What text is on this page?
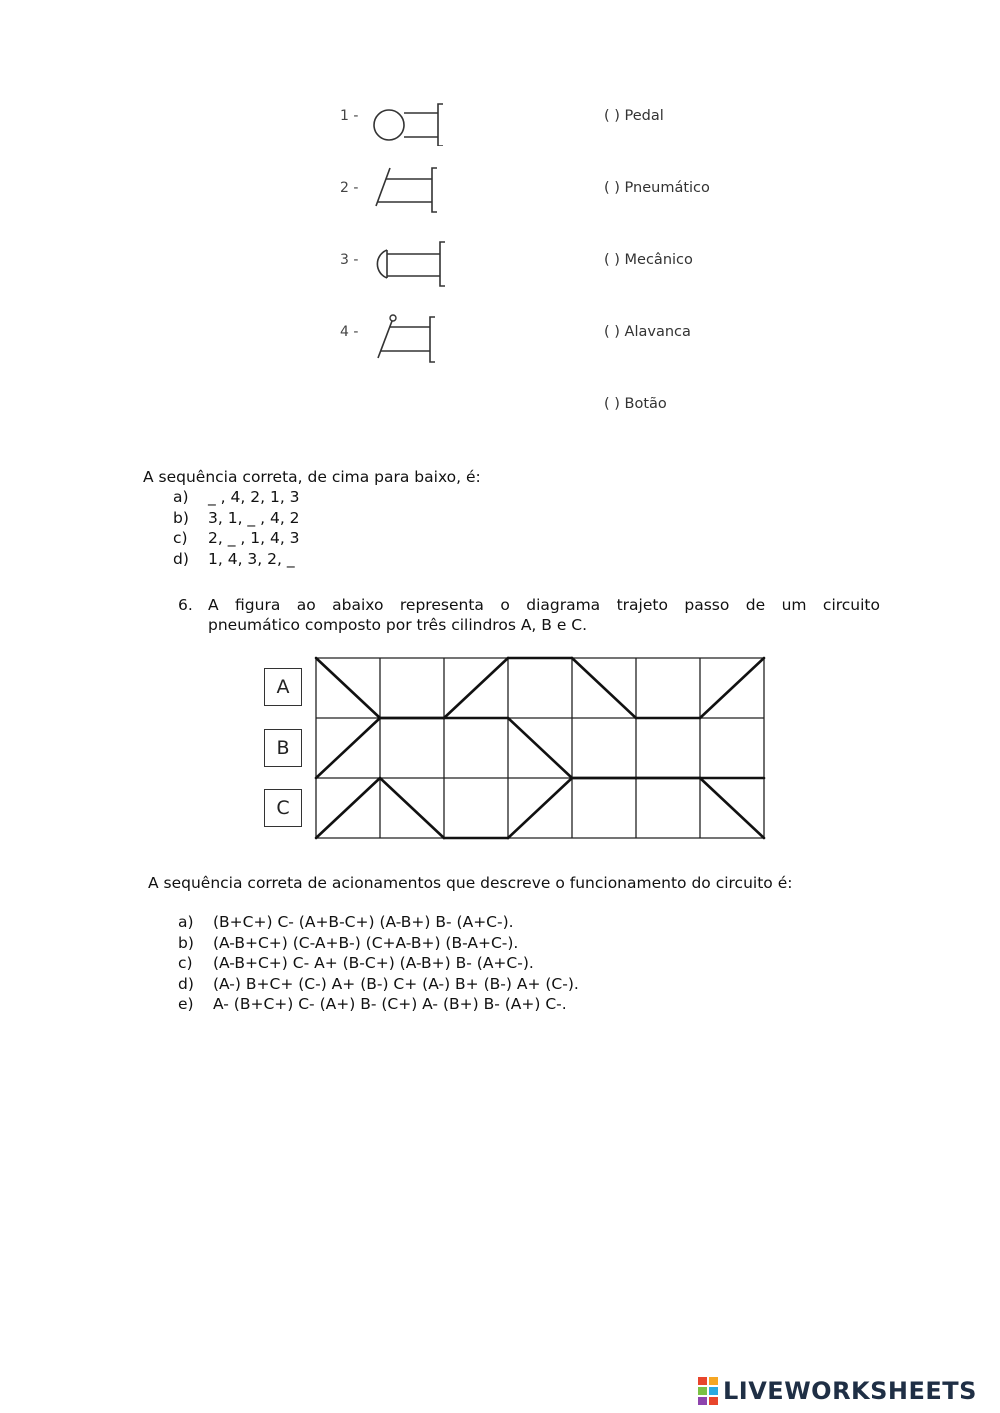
1 -
2 -
3 -
4 -
( ) Pedal
( ) Pneumático
( ) Mecânico
( ) Alavanca
( ) Botão
A sequência correta, de cima para baixo, é:
a)	_ , 4, 2, 1, 3
b)	3, 1, _ , 4, 2
c)	2, _ , 1, 4, 3
d)	1, 4, 3, 2, _
6. A figura ao abaixo representa o diagrama trajeto passo de um circuito
pneumático composto por três cilindros A, B e C.
A
B
C
A sequência correta de acionamentos que descreve o funcionamento do circuito é:
a)	(B+C+) C- (A+B-C+) (A-B+) B- (A+C-).
b)	(A-B+C+) (C-A+B-) (C+A-B+) (B-A+C-).
c)	(A-B+C+) C- A+ (B-C+) (A-B+) B- (A+C-).
d)	(A-) B+C+ (C-) A+ (B-) C+ (A-) B+ (B-) A+ (C-).
e)	A- (B+C+) C- (A+) B- (C+) A- (B+) B- (A+) C-.
LIVEWORKSHEETS
